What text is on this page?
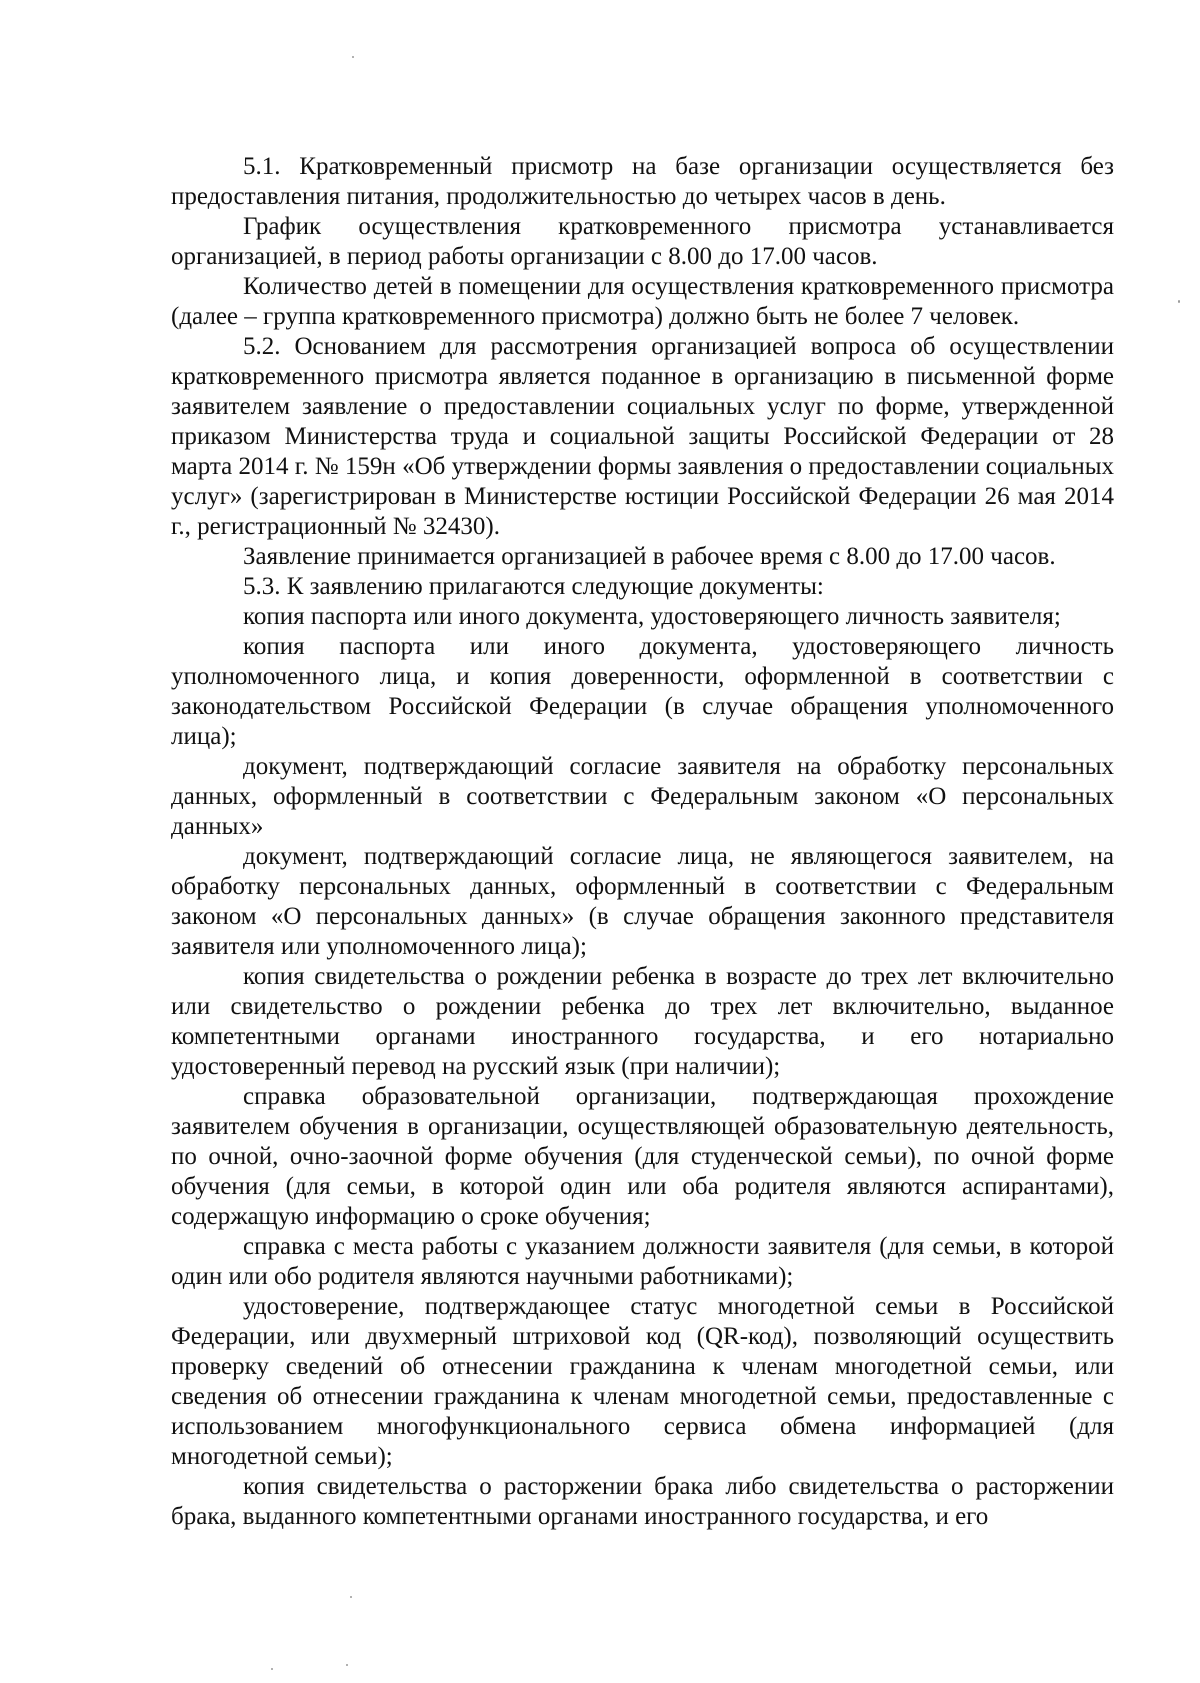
5.1. Кратковременный присмотр на базе организации осуществляется без предоставления питания, продолжительностью до четырех часов в день.

График осуществления кратковременного присмотра устанавливается организацией, в период работы организации с 8.00 до 17.00 часов.

Количество детей в помещении для осуществления кратковременного присмотра (далее – группа кратковременного присмотра) должно быть не более 7 человек.

5.2. Основанием для рассмотрения организацией вопроса об осуществлении кратковременного присмотра является поданное в организацию в письменной форме заявителем заявление о предоставлении социальных услуг по форме, утвержденной приказом Министерства труда и социальной защиты Российской Федерации от 28 марта 2014 г. № 159н «Об утверждении формы заявления о предоставлении социальных услуг» (зарегистрирован в Министерстве юстиции Российской Федерации 26 мая 2014 г., регистрационный № 32430).

Заявление принимается организацией в рабочее время с 8.00 до 17.00 часов.

5.3. К заявлению прилагаются следующие документы:

копия паспорта или иного документа, удостоверяющего личность заявителя;

копия паспорта или иного документа, удостоверяющего личность уполномоченного лица, и копия доверенности, оформленной в соответствии с законодательством Российской Федерации (в случае обращения уполномоченного лица);

документ, подтверждающий согласие заявителя на обработку персональных данных, оформленный в соответствии с Федеральным законом «О персональных данных»

документ, подтверждающий согласие лица, не являющегося заявителем, на обработку персональных данных, оформленный в соответствии с Федеральным законом «О персональных данных» (в случае обращения законного представителя заявителя или уполномоченного лица);

копия свидетельства о рождении ребенка в возрасте до трех лет включительно или свидетельство о рождении ребенка до трех лет включительно, выданное компетентными органами иностранного государства, и его нотариально удостоверенный перевод на русский язык (при наличии);

справка образовательной организации, подтверждающая прохождение заявителем обучения в организации, осуществляющей образовательную деятельность, по очной, очно-заочной форме обучения (для студенческой семьи), по очной форме обучения (для семьи, в которой один или оба родителя являются аспирантами), содержащую информацию о сроке обучения;

справка с места работы с указанием должности заявителя (для семьи, в которой один или обо родителя являются научными работниками);

удостоверение, подтверждающее статус многодетной семьи в Российской Федерации, или двухмерный штриховой код (QR-код), позволяющий осуществить проверку сведений об отнесении гражданина к членам многодетной семьи, или сведения об отнесении гражданина к членам многодетной семьи, предоставленные с использованием многофункционального сервиса обмена информацией (для многодетной семьи);

копия свидетельства о расторжении брака либо свидетельства о расторжении брака, выданного компетентными органами иностранного государства, и его
